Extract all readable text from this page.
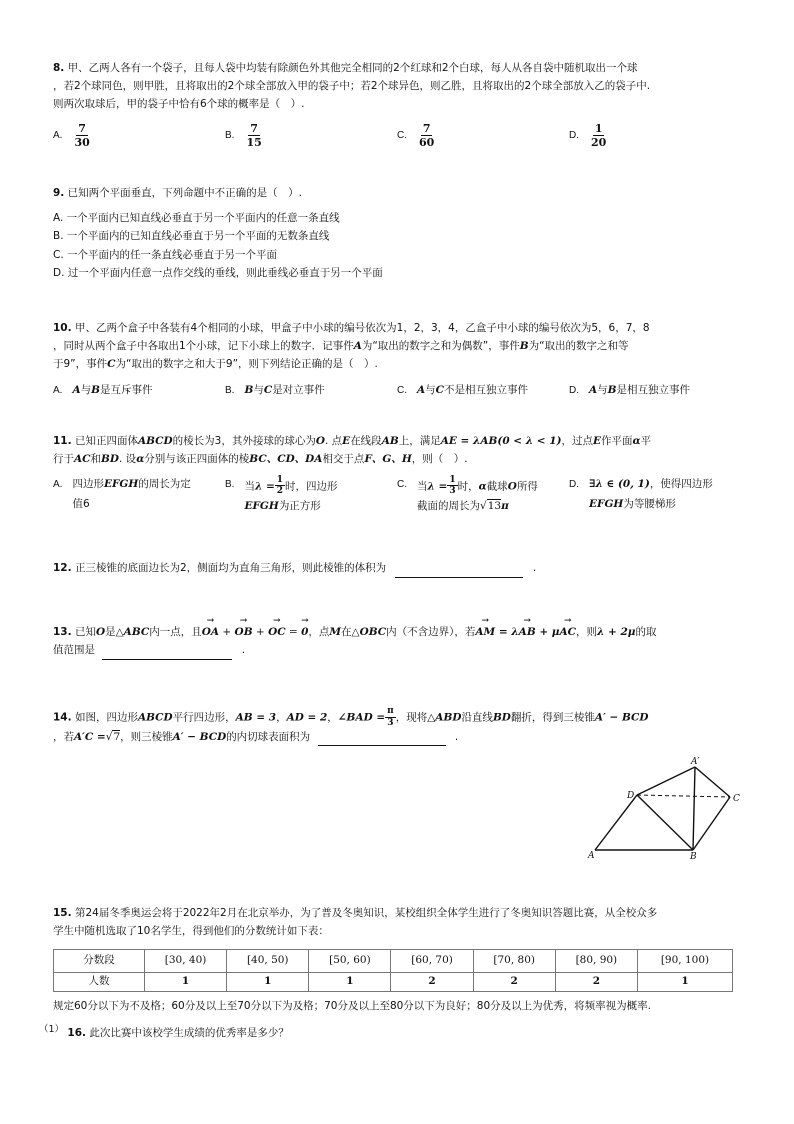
8. 甲、乙两人各有一个袋子，且每人袋中均装有除颜色外其他完全相同的2个红球和2个白球，每人从各自袋中随机取出一个球
，若2个球同色，则甲胜，且将取出的2个球全部放入甲的袋子中；若2个球异色，则乙胜，且将取出的2个球全部放入乙的袋子中.
则两次取球后，甲的袋子中恰有6个球的概率是（　）.

A. $\frac{7}{30}$	B. $\frac{7}{15}$	C. $\frac{7}{60}$	D. $\frac{1}{20}$

9. 已知两个平面垂直，下列命题中不正确的是（　）.

A. 一个平面内已知直线必垂直于另一个平面内的任意一条直线
B. 一个平面内的已知直线必垂直于另一个平面的无数条直线
C. 一个平面内的任一条直线必垂直于另一个平面
D. 过一个平面内任意一点作交线的垂线，则此垂线必垂直于另一个平面

10. 甲、乙两个盒子中各装有4个相同的小球，甲盒子中小球的编号依次为1，2，3，4，乙盒子中小球的编号依次为5，6，7，8
，同时从两个盒子中各取出1个小球，记下小球上的数字．记事件A为“取出的数字之和为偶数”，事件B为“取出的数字之和等
于9”，事件C为“取出的数字之和大于9”，则下列结论正确的是（　）.

A. A 与 B 是互斥事件	B. B 与 C 是对立事件	C. A 与 C 不是相互独立事件	D. A 与 B 是相互独立事件

11. 已知正四面体ABCD的棱长为3，其外接球的球心为O. 点E在线段AB上，满足AE = λAB(0 < λ < 1)，过点E作平面α平
行于AC和BD. 设α分别与该正四面体的棱BC、CD、DA相交于点F、G、H，则（　）.

A. 四边形EFGH的周长为定
值6
B. 当$\lambda = \frac{1}{2}$ 时，四边形
EFGH为正方形
C. 当$\lambda = \frac{1}{3}$ 时，α截球O所得
截面的周长为√13π
D. ∃λ ∈ (0, 1)，使得四边形
EFGH为等腰梯形

12. 正三棱锥的底面边长为2，侧面均为直角三角形，则此棱锥的体积为	.

13. 已知O是△ABC内一点，且→ OA + → OB + → OC = → 0，点M在△OBC内（不含边界），若→ AM = λ→ AB + μ→ AC，则λ + 2μ的取
值范围是	.

14. 如图，四边形ABCD平行四边形，AB = 3，AD = 2，∠BAD = $\frac{\pi}{3}$ ，现将△ABD沿直线BD翻折，得到三棱锥A′ − BCD
，若A′C =√7，则三棱锥A′ − BCD的内切球表面积为	.

A	B
C
D
A′

15. 第24届冬季奥运会将于2022年2月在北京举办，为了普及冬奥知识，某校组织全体学生进行了冬奥知识答题比赛，从全校众多
学生中随机选取了10名学生，得到他们的分数统计如下表：

分数段	[30, 40)	[40, 50)	[50, 60)	[60, 70)	[70, 80)	[80, 90)	[90, 100)
人数	1	1	1	2	2	2	1

规定60分以下为不及格；60分及以上至70分以下为及格；70分及以上至80分以下为良好；80分及以上为优秀，将频率视为概率.

（1） 16. 此次比赛中该校学生成绩的优秀率是多少？
